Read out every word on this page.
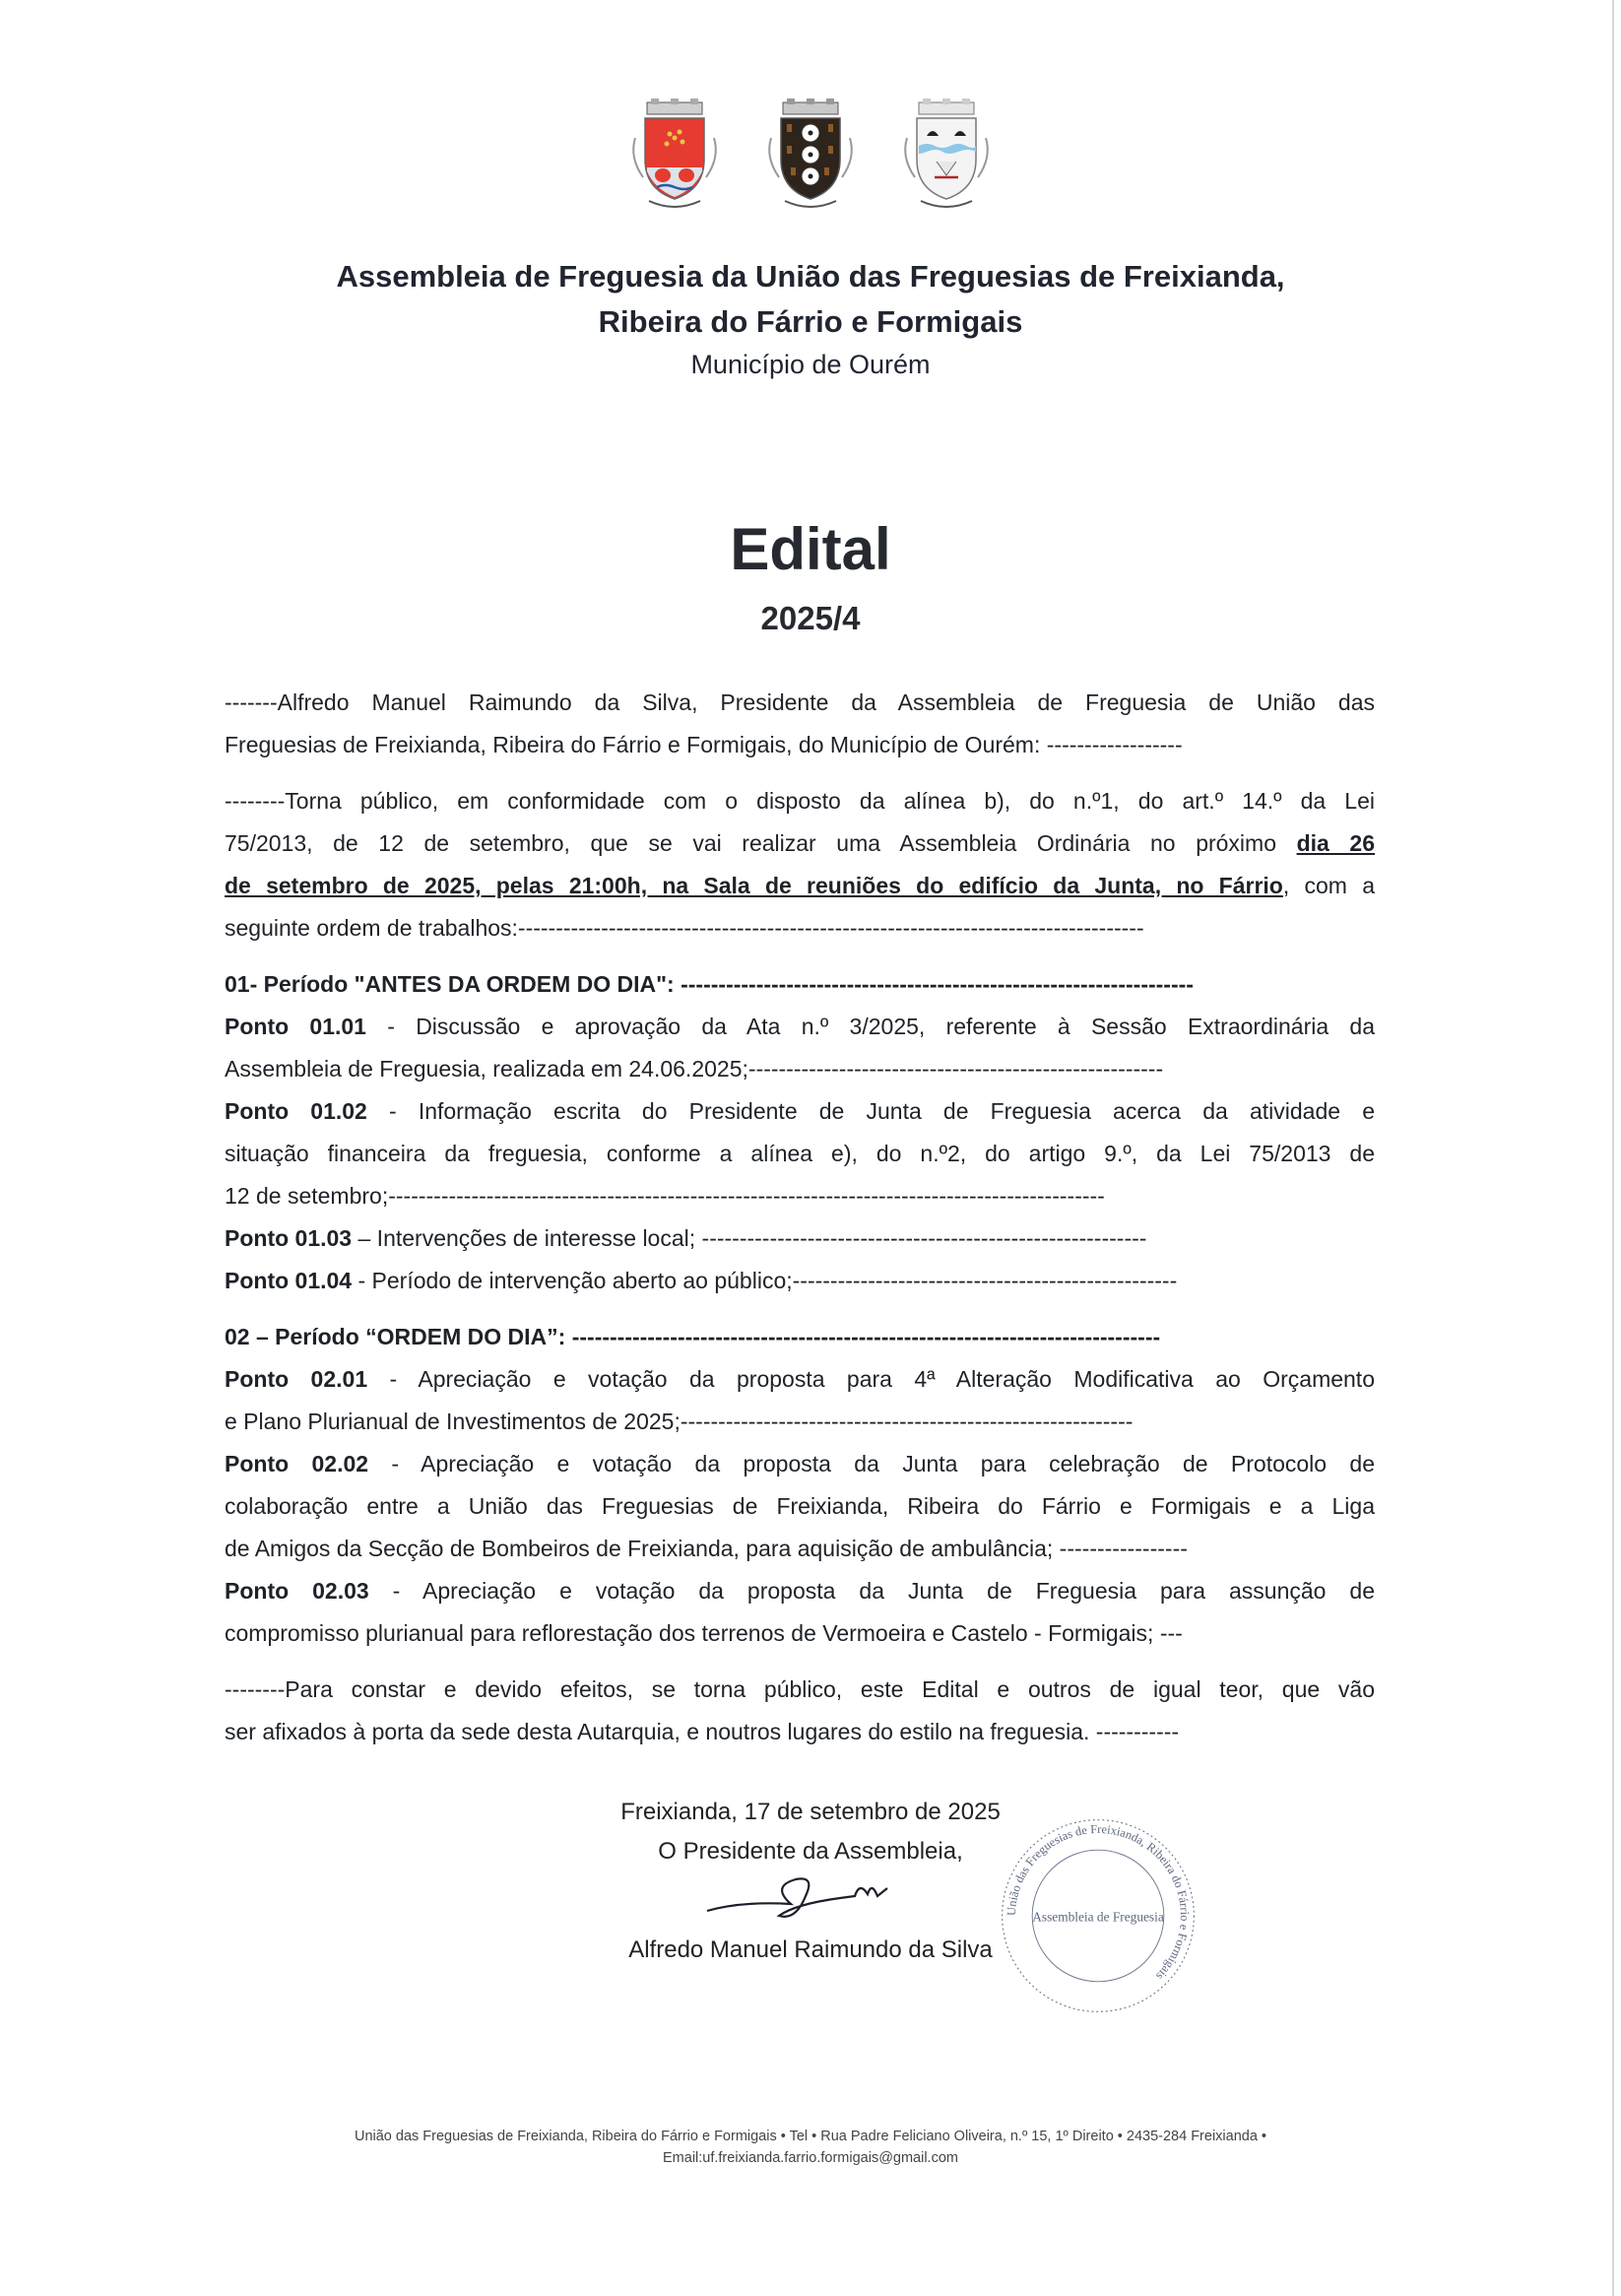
Assembleia de Freguesia da União das Freguesias de Freixianda,
Ribeira do Fárrio e Formigais
Município de Ourém
Edital
2025/4
-------Alfredo Manuel Raimundo da Silva, Presidente da Assembleia de Freguesia de União das
Freguesias de Freixianda, Ribeira do Fárrio e Formigais, do Município de Ourém: ------------------
--------Torna público, em conformidade com o disposto da alínea b), do n.º1, do art.º 14.º da Lei
75/2013, de 12 de setembro, que se vai realizar uma Assembleia Ordinária no próximo dia 26
de setembro de 2025, pelas 21:00h, na Sala de reuniões do edifício da Junta, no Fárrio, com a
seguinte ordem de trabalhos:-----------------------------------------------------------------------------------
01- Período "ANTES DA ORDEM DO DIA": --------------------------------------------------------------------
Ponto 01.01 - Discussão e aprovação da Ata n.º 3/2025, referente à Sessão Extraordinária da
Assembleia de Freguesia, realizada em 24.06.2025;-------------------------------------------------------
Ponto 01.02 - Informação escrita do Presidente de Junta de Freguesia acerca da atividade e
situação financeira da freguesia, conforme a alínea e), do n.º2, do artigo 9.º, da Lei 75/2013 de
12 de setembro;-----------------------------------------------------------------------------------------------
Ponto 01.03 – Intervenções de interesse local; -----------------------------------------------------------
Ponto 01.04 - Período de intervenção aberto ao público;---------------------------------------------------
02 – Período “ORDEM DO DIA”: ------------------------------------------------------------------------------
Ponto 02.01 - Apreciação e votação da proposta para 4ª Alteração Modificativa ao Orçamento
e Plano Plurianual de Investimentos de 2025;------------------------------------------------------------
Ponto 02.02 - Apreciação e votação da proposta da Junta para celebração de Protocolo de
colaboração entre a União das Freguesias de Freixianda, Ribeira do Fárrio e Formigais e a Liga
de Amigos da Secção de Bombeiros de Freixianda, para aquisição de ambulância; -----------------
Ponto 02.03 - Apreciação e votação da proposta da Junta de Freguesia para assunção de
compromisso plurianual para reflorestação dos terrenos de Vermoeira e Castelo - Formigais; ---
--------Para constar e devido efeitos, se torna público, este Edital e outros de igual teor, que vão
ser afixados à porta da sede desta Autarquia, e noutros lugares do estilo na freguesia. -----------
Freixianda, 17 de setembro de 2025
O Presidente da Assembleia,
Alfredo Manuel Raimundo da Silva
União das Freguesias de Freixianda, Ribeira do Fárrio e Formigais
Assembleia de Freguesia
União das Freguesias de Freixianda, Ribeira do Fárrio e Formigais • Tel • Rua Padre Feliciano Oliveira, n.º 15, 1º Direito • 2435-284 Freixianda •
Email:uf.freixianda.farrio.formigais@gmail.com
